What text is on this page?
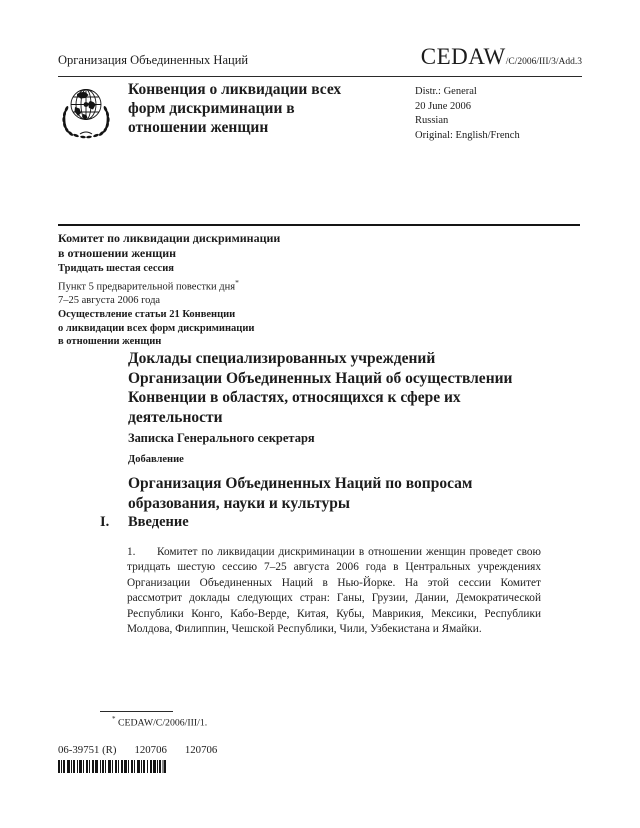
Организация Объединенных Наций	CEDAW/C/2006/III/3/Add.3
Конвенция о ликвидации всех
форм дискриминации в
отношении женщин
Distr.: General
20 June 2006
Russian
Original: English/French
Комитет по ликвидации дискриминации
в отношении женщин
Тридцать шестая сессия
Пункт 5 предварительной повестки дня*
7–25 августа 2006 года
Осуществление статьи 21 Конвенции
о ликвидации всех форм дискриминации
в отношении женщин
Доклады специализированных учреждений
Организации Объединенных Наций об осуществлении
Конвенции в областях, относящихся к сфере их
деятельности
Записка Генерального секретаря
Добавление
Организация Объединенных Наций по вопросам
образования, науки и культуры
I. Введение

1. Комитет по ликвидации дискриминации в отношении женщин проведет свою тридцать шестую сессию 7–25 августа 2006 года в Центральных учреждениях Организации Объединенных Наций в Нью-Йорке. На этой сессии Комитет рассмотрит доклады следующих стран: Ганы, Грузии, Дании, Демократической Республики Конго, Кабо-Верде, Китая, Кубы, Маврикия, Мексики, Республики Молдова, Филиппин, Чешской Республики, Чили, Узбекистана и Ямайки.

* CEDAW/C/2006/III/1.
06-39751 (R) 120706 120706
